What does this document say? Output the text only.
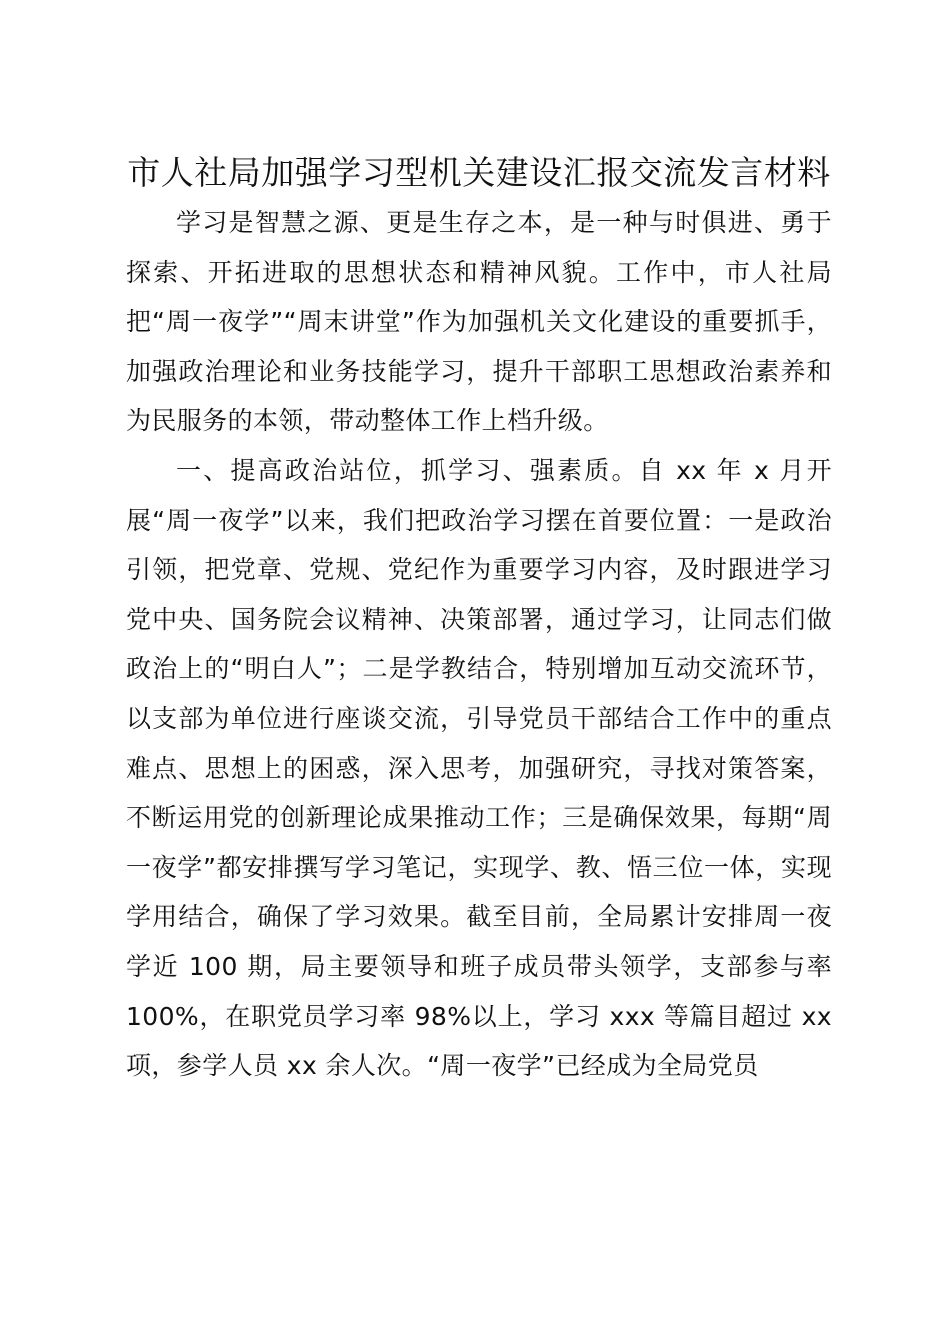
市人社局加强学习型机关建设汇报交流发言材料

学习是智慧之源、更是生存之本，是一种与时俱进、勇于探索、开拓进取的思想状态和精神风貌。工作中，市人社局把“周一夜学”“周末讲堂”作为加强机关文化建设的重要抓手，加强政治理论和业务技能学习，提升干部职工思想政治素养和为民服务的本领，带动整体工作上档升级。

一、提高政治站位，抓学习、强素质。自 xx 年 x 月开展“周一夜学”以来，我们把政治学习摆在首要位置：一是政治引领，把党章、党规、党纪作为重要学习内容，及时跟进学习党中央、国务院会议精神、决策部署，通过学习，让同志们做政治上的“明白人”；二是学教结合，特别增加互动交流环节，以支部为单位进行座谈交流，引导党员干部结合工作中的重点难点、思想上的困惑，深入思考，加强研究，寻找对策答案，不断运用党的创新理论成果推动工作；三是确保效果，每期“周一夜学”都安排撰写学习笔记，实现学、教、悟三位一体，实现学用结合，确保了学习效果。截至目前，全局累计安排周一夜学近 100 期，局主要领导和班子成员带头领学，支部参与率 100%，在职党员学习率 98%以上，学习 xxx 等篇目超过 xx 项，参学人员 xx 余人次。“周一夜学”已经成为全局党员
